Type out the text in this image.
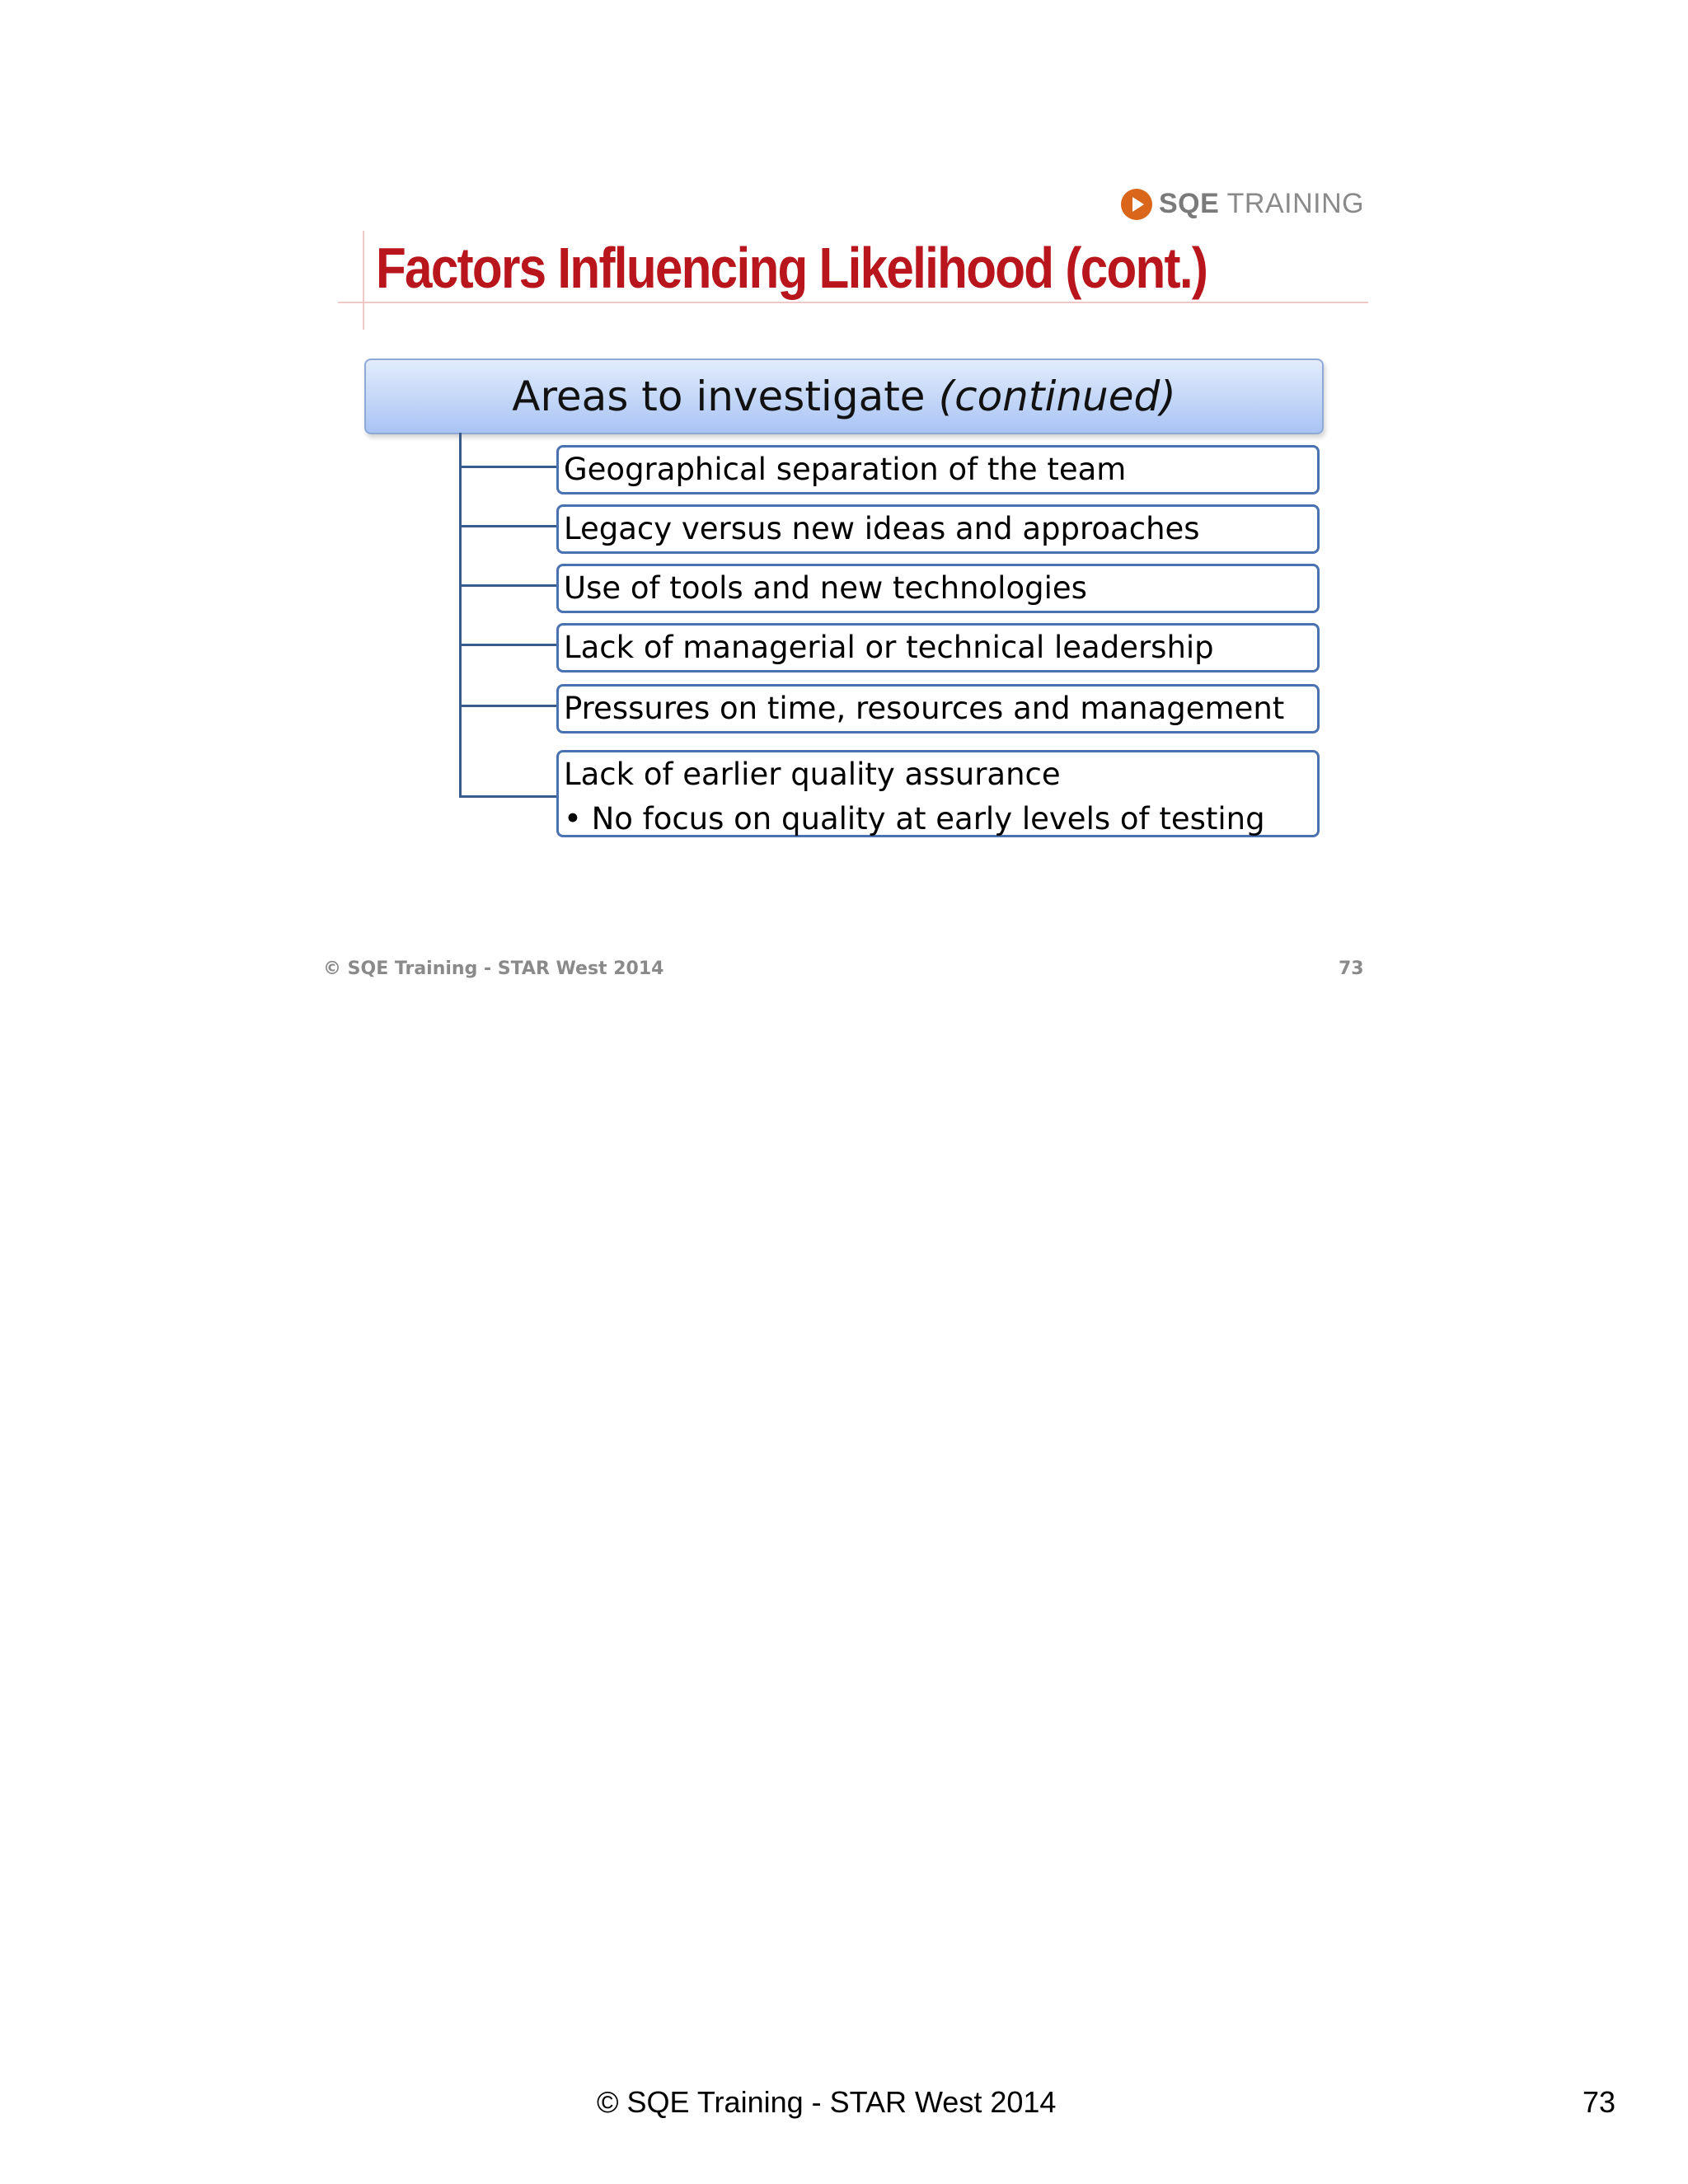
SQE TRAINING
Factors Influencing Likelihood (cont.)
Areas to investigate (continued)
Geographical separation of the team
Legacy versus new ideas and approaches
Use of tools and new technologies
Lack of managerial or technical leadership
Pressures on time, resources and management
Lack of earlier quality assurance
• No focus on quality at early levels of testing
© SQE Training - STAR West 2014	73
© SQE Training - STAR West 2014	73
